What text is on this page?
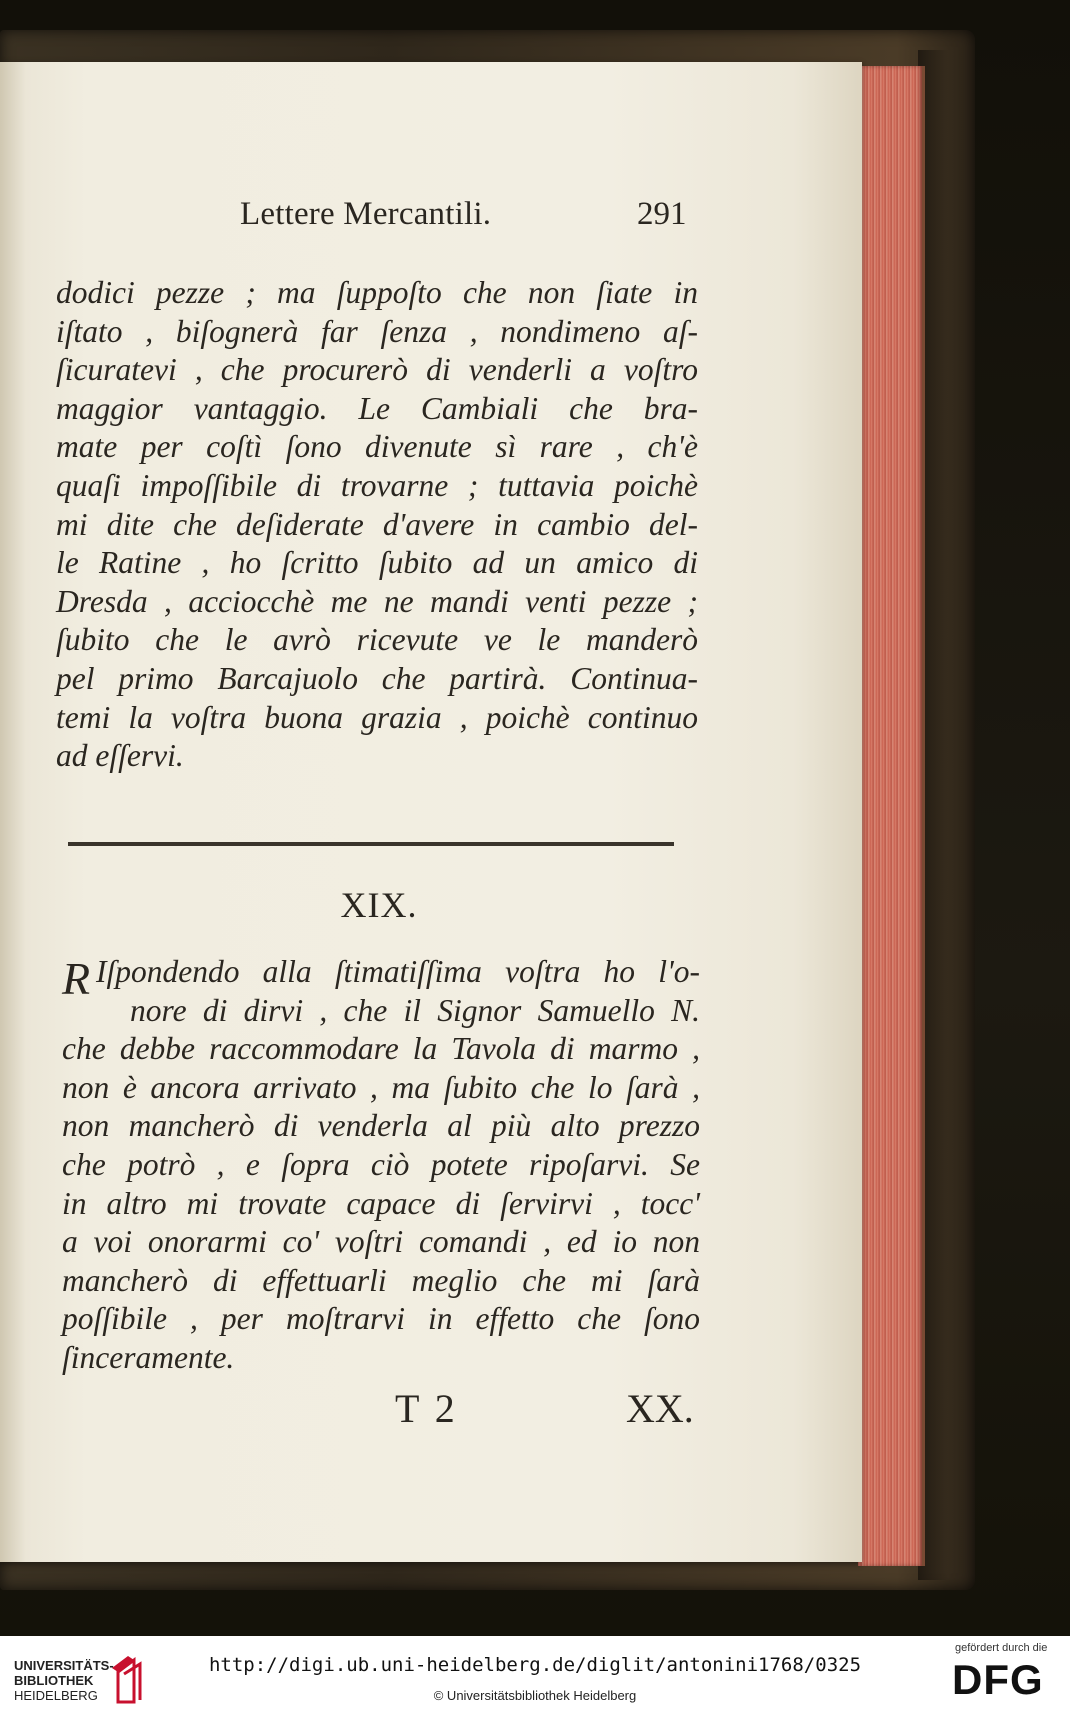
Lettere Mercantili.	291
dodici pezze ; ma ſuppoſto che non ſiate in
iſtato , biſognerà far ſenza , nondimeno aſ-
ſicuratevi , che procurerò di venderli a voſtro
maggior vantaggio. Le Cambiali che bra-
mate per coſtì ſono divenute sì rare , ch'è
quaſi impoſſibile di trovarne ; tuttavia poichè
mi dite che deſiderate d'avere in cambio del-
le Ratine , ho ſcritto ſubito ad un amico di
Dresda , acciocchè me ne mandi venti pezze ;
ſubito che le avrò ricevute ve le manderò
pel primo Barcajuolo che partirà. Continua-
temi la voſtra buona grazia , poichè continuo
ad eſſervi.
XIX.
R Iſpondendo alla ſtimatiſſima voſtra ho l'o-
nore di dirvi , che il Signor Samuello N.
che debbe raccommodare la Tavola di marmo ,
non è ancora arrivato , ma ſubito che lo ſarà ,
non mancherò di venderla al più alto prezzo
che potrò , e ſopra ciò potete ripoſarvi. Se
in altro mi trovate capace di ſervirvi , tocc'
a voi onorarmi co' voſtri comandi , ed io non
mancherò di effettuarli meglio che mi ſarà
poſſibile , per moſtrarvi in effetto che ſono
ſinceramente.
T 2	XX.
UNIVERSITÄTS-
BIBLIOTHEK
HEIDELBERG
http://digi.ub.uni-heidelberg.de/diglit/antonini1768/0325
© Universitätsbibliothek Heidelberg
gefördert durch die
DFG
